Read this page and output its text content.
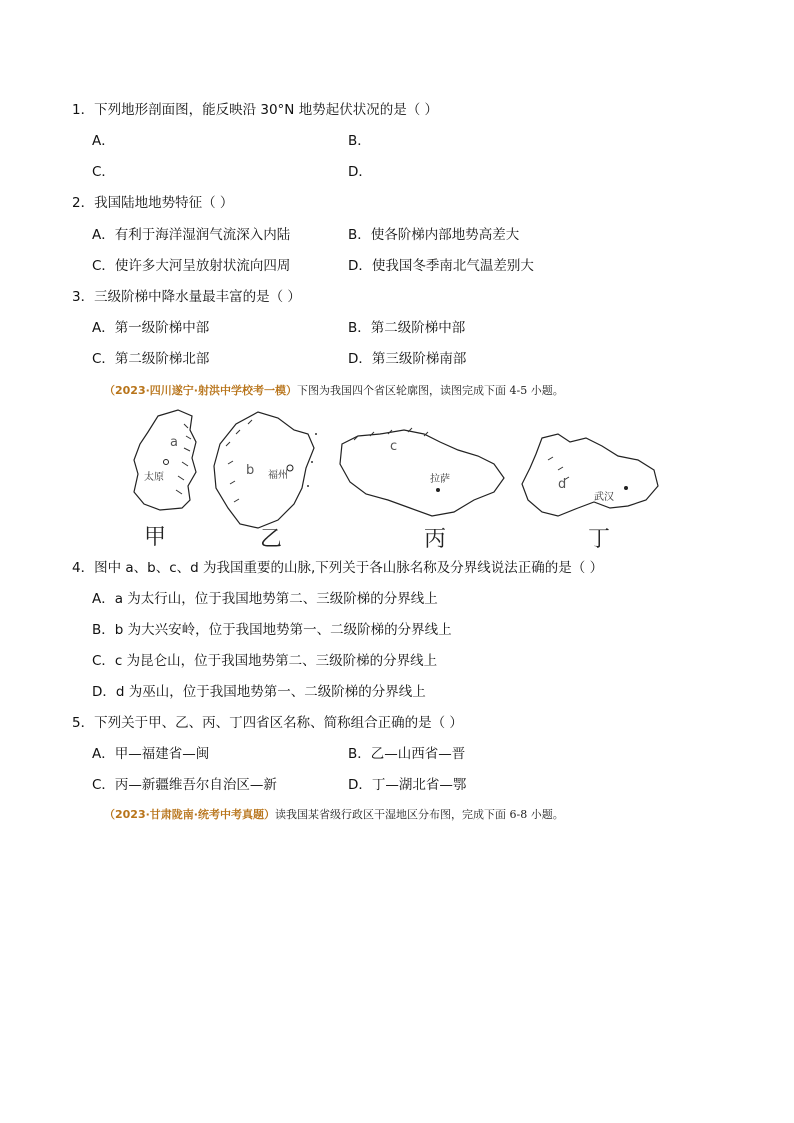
1．下列地形剖面图，能反映沿 30°N 地势起伏状况的是（ ）
A．	B．
C．	D．
2．我国陆地地势特征（ ）
A．有利于海洋湿润气流深入内陆	B．使各阶梯内部地势高差大
C．使许多大河呈放射状流向四周	D．使我国冬季南北气温差别大
3．三级阶梯中降水量最丰富的是（ ）
A．第一级阶梯中部	B．第二级阶梯中部
C．第二级阶梯北部	D．第三级阶梯南部
（2023·四川遂宁·射洪中学校考一模）下图为我国四个省区轮廓图，读图完成下面 4-5 小题。
a
太原
甲
b 福州
乙
c
拉萨
丙
d
武汉
丁
4．图中 a、b、c、d 为我国重要的山脉,下列关于各山脉名称及分界线说法正确的是（ ）
A．a 为太行山，位于我国地势第二、三级阶梯的分界线上
B．b 为大兴安岭，位于我国地势第一、二级阶梯的分界线上
C．c 为昆仑山，位于我国地势第二、三级阶梯的分界线上
D．d 为巫山，位于我国地势第一、二级阶梯的分界线上
5．下列关于甲、乙、丙、丁四省区名称、简称组合正确的是（ ）
A．甲—福建省—闽	B．乙—山西省—晋
C．丙—新疆维吾尔自治区—新	D．丁—湖北省—鄂
（2023·甘肃陇南·统考中考真题）读我国某省级行政区干湿地区分布图，完成下面 6-8 小题。
